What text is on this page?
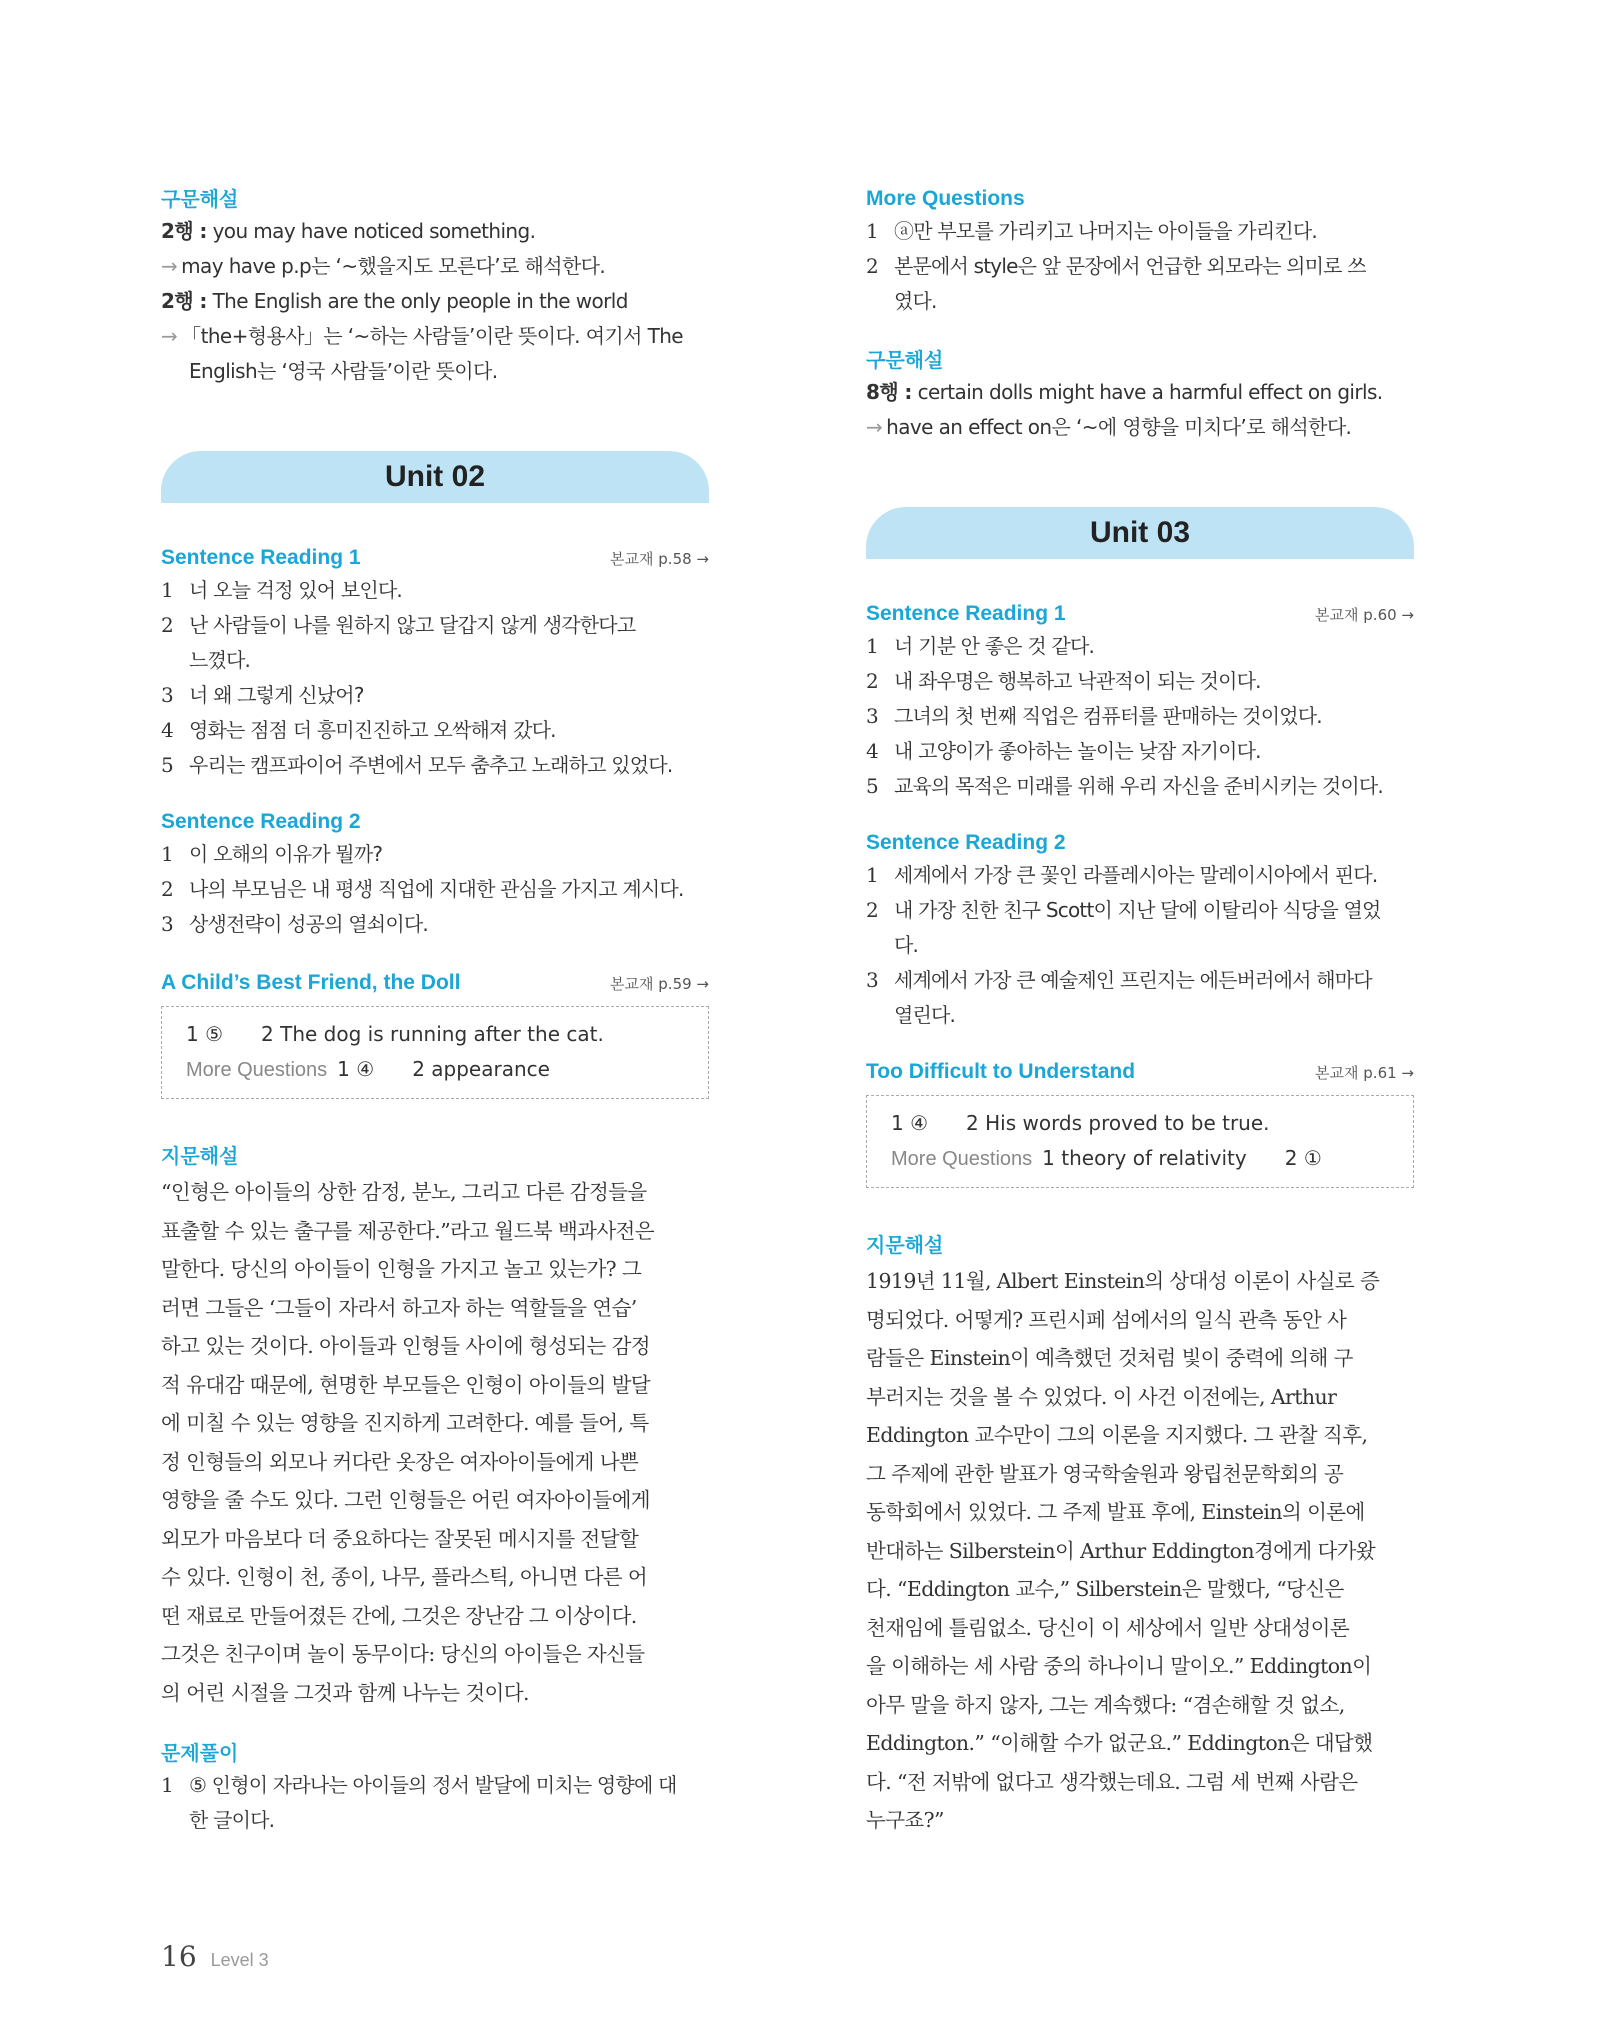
구문해설

2행 : you may have noticed something.

→ may have p.p는 ‘~했을지도 모른다’로 해석한다.

2행 : The English are the only people in the world

→ 「the+형용사」는 ‘~하는 사람들’이란 뜻이다. 여기서 The

English는 ‘영국 사람들’이란 뜻이다.

Unit 02

Sentence Reading 1	본교재 p.58 →
1 너 오늘 걱정 있어 보인다.
2 난 사람들이 나를 원하지 않고 달갑지 않게 생각한다고
느꼈다.
3 너 왜 그렇게 신났어?
4 영화는 점점 더 흥미진진하고 오싹해져 갔다.
5 우리는 캠프파이어 주변에서 모두 춤추고 노래하고 있었다.

Sentence Reading 2

1 이 오해의 이유가 뭘까?
2 나의 부모님은 내 평생 직업에 지대한 관심을 가지고 계시다.
3 상생전략이 성공의 열쇠이다.

A Child’s Best Friend, the Doll	본교재 p.59 →
1 ⑤ 2 The dog is running after the cat.
More Questions 1 ④ 2 appearance

지문해설

“인형은 아이들의 상한 감정, 분노, 그리고 다른 감정들을
표출할 수 있는 출구를 제공한다.”라고 월드북 백과사전은
말한다. 당신의 아이들이 인형을 가지고 놀고 있는가? 그
러면 그들은 ‘그들이 자라서 하고자 하는 역할들을 연습’
하고 있는 것이다. 아이들과 인형들 사이에 형성되는 감정
적 유대감 때문에, 현명한 부모들은 인형이 아이들의 발달
에 미칠 수 있는 영향을 진지하게 고려한다. 예를 들어, 특
정 인형들의 외모나 커다란 옷장은 여자아이들에게 나쁜
영향을 줄 수도 있다. 그런 인형들은 어린 여자아이들에게
외모가 마음보다 더 중요하다는 잘못된 메시지를 전달할
수 있다. 인형이 천, 종이, 나무, 플라스틱, 아니면 다른 어
떤 재료로 만들어졌든 간에, 그것은 장난감 그 이상이다.
그것은 친구이며 놀이 동무이다: 당신의 아이들은 자신들
의 어린 시절을 그것과 함께 나누는 것이다.

문제풀이

1 ⑤ 인형이 자라나는 아이들의 정서 발달에 미치는 영향에 대
한 글이다.

More Questions

1 ⓐ만 부모를 가리키고 나머지는 아이들을 가리킨다.
2 본문에서 style은 앞 문장에서 언급한 외모라는 의미로 쓰
였다.

구문해설

8행 : certain dolls might have a harmful effect on girls.

→ have an effect on은 ‘~에 영향을 미치다’로 해석한다.

Unit 03

Sentence Reading 1	본교재 p.60 →
1 너 기분 안 좋은 것 같다.
2 내 좌우명은 행복하고 낙관적이 되는 것이다.
3 그녀의 첫 번째 직업은 컴퓨터를 판매하는 것이었다.
4 내 고양이가 좋아하는 놀이는 낮잠 자기이다.
5 교육의 목적은 미래를 위해 우리 자신을 준비시키는 것이다.

Sentence Reading 2

1 세계에서 가장 큰 꽃인 라플레시아는 말레이시아에서 핀다.
2 내 가장 친한 친구 Scott이 지난 달에 이탈리아 식당을 열었
다.
3 세계에서 가장 큰 예술제인 프린지는 에든버러에서 해마다
열린다.

Too Difficult to Understand	본교재 p.61 →
1 ④ 2 His words proved to be true.
More Questions 1 theory of relativity 2 ①

지문해설

1919년 11월, Albert Einstein의 상대성 이론이 사실로 증
명되었다. 어떻게? 프린시페 섬에서의 일식 관측 동안 사
람들은 Einstein이 예측했던 것처럼 빛이 중력에 의해 구
부러지는 것을 볼 수 있었다. 이 사건 이전에는, Arthur
Eddington 교수만이 그의 이론을 지지했다. 그 관찰 직후,
그 주제에 관한 발표가 영국학술원과 왕립천문학회의 공
동학회에서 있었다. 그 주제 발표 후에, Einstein의 이론에
반대하는 Silberstein이 Arthur Eddington경에게 다가왔
다. “Eddington 교수,” Silberstein은 말했다, “당신은
천재임에 틀림없소. 당신이 이 세상에서 일반 상대성이론
을 이해하는 세 사람 중의 하나이니 말이오.” Eddington이
아무 말을 하지 않자, 그는 계속했다: “겸손해할 것 없소,
Eddington.” “이해할 수가 없군요.” Eddington은 대답했
다. “전 저밖에 없다고 생각했는데요. 그럼 세 번째 사람은
누구죠?”
16 Level 3
